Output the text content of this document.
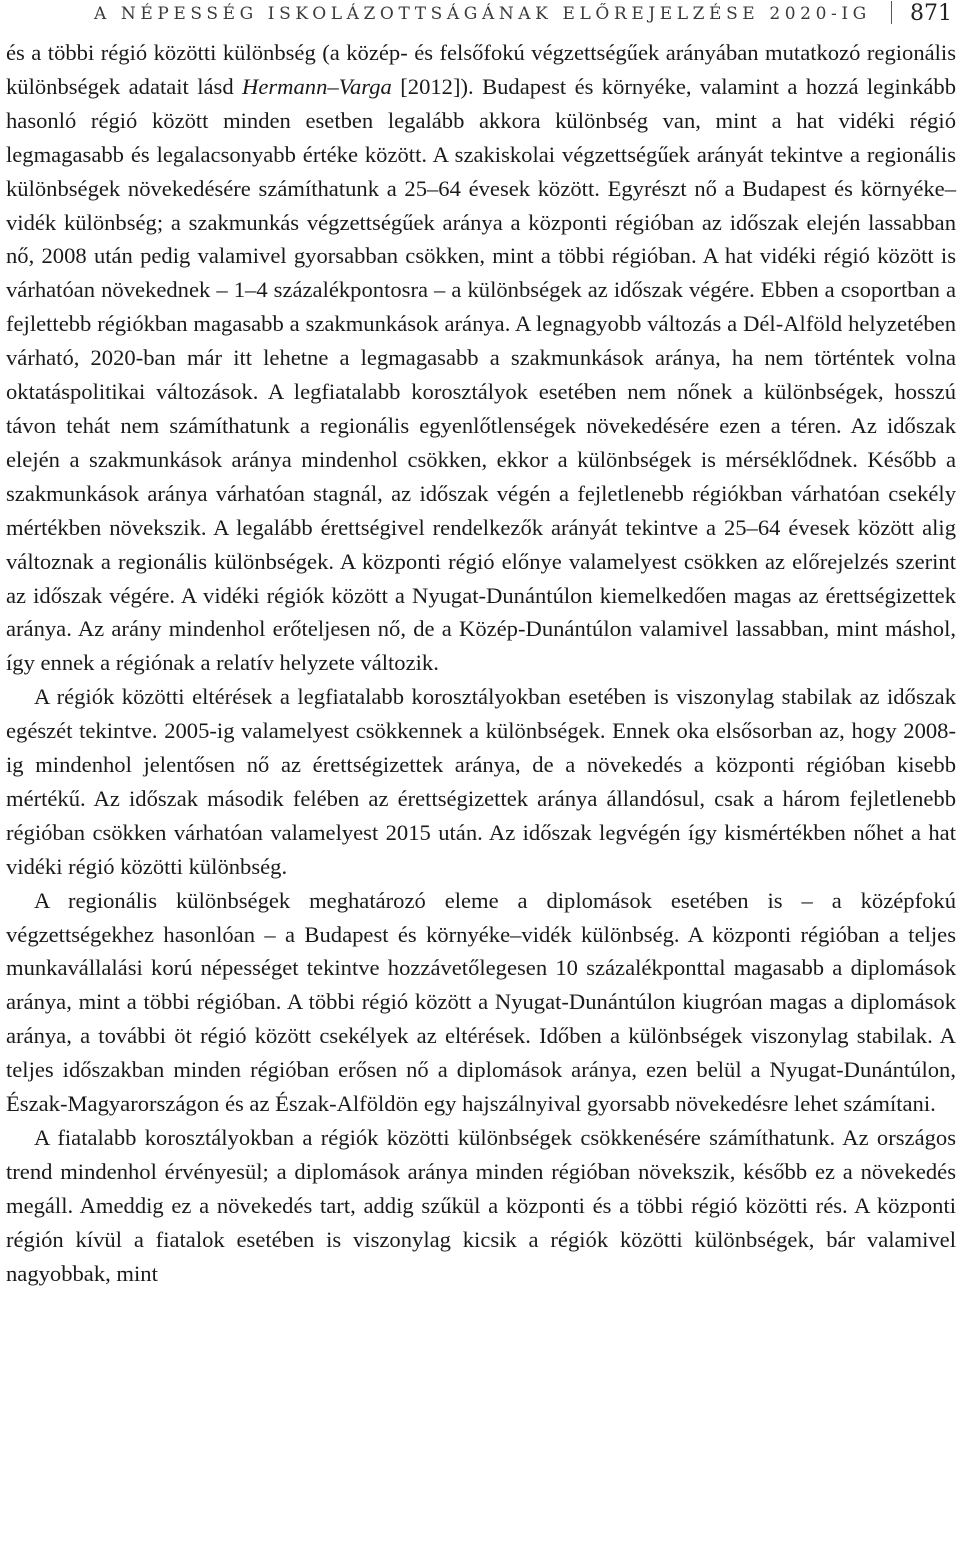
A NÉPESSÉG ISKOLÁZOTTSÁGÁNAK ELŐREJELZÉSE 2020-IG 871

és a többi régió közötti különbség (a közép- és felsőfokú végzettségűek arányában mutatkozó regionális különbségek adatait lásd Hermann–Varga [2012]). Budapest és környéke, valamint a hozzá leginkább hasonló régió között minden esetben legalább akkora különbség van, mint a hat vidéki régió legmagasabb és legalacsonyabb értéke között. A szakiskolai végzettségűek arányát tekintve a regionális különbségek növekedésére számíthatunk a 25–64 évesek között. Egyrészt nő a Budapest és környéke–vidék különbség; a szakmunkás végzettségűek aránya a központi régióban az időszak elején lassabban nő, 2008 után pedig valamivel gyorsabban csökken, mint a többi régióban. A hat vidéki régió között is várhatóan növekednek – 1–4 százalékpontosra – a különbségek az időszak végére. Ebben a csoportban a fejlettebb régiókban magasabb a szakmunkások aránya. A legnagyobb változás a Dél-Alföld helyzetében várható, 2020-ban már itt lehetne a legmagasabb a szakmunkások aránya, ha nem történtek volna oktatáspolitikai változások. A legfiatalabb korosztályok esetében nem nőnek a különbségek, hosszú távon tehát nem számíthatunk a regionális egyenlőtlenségek növekedésére ezen a téren. Az időszak elején a szakmunkások aránya mindenhol csökken, ekkor a különbségek is mérséklődnek. Később a szakmunkások aránya várhatóan stagnál, az időszak végén a fejletlenebb régiókban várhatóan csekély mértékben növekszik. A legalább érettségivel rendelkezők arányát tekintve a 25–64 évesek között alig változnak a regionális különbségek. A központi régió előnye valamelyest csökken az előrejelzés szerint az időszak végére. A vidéki régiók között a Nyugat-Dunántúlon kiemelkedően magas az érettségizettek aránya. Az arány mindenhol erőteljesen nő, de a Közép-Dunántúlon valamivel lassabban, mint máshol, így ennek a régiónak a relatív helyzete változik.

A régiók közötti eltérések a legfiatalabb korosztályokban esetében is viszonylag stabilak az időszak egészét tekintve. 2005-ig valamelyest csökkennek a különbségek. Ennek oka elsősorban az, hogy 2008-ig mindenhol jelentősen nő az érettségizettek aránya, de a növekedés a központi régióban kisebb mértékű. Az időszak második felében az érettségizettek aránya állandósul, csak a három fejletlenebb régióban csökken várhatóan valamelyest 2015 után. Az időszak legvégén így kismértékben nőhet a hat vidéki régió közötti különbség.

A regionális különbségek meghatározó eleme a diplomások esetében is – a középfokú végzettségekhez hasonlóan – a Budapest és környéke–vidék különbség. A központi régióban a teljes munkavállalási korú népességet tekintve hozzávetőlegesen 10 százalékponttal magasabb a diplomások aránya, mint a többi régióban. A többi régió között a Nyugat-Dunántúlon kiugróan magas a diplomások aránya, a további öt régió között csekélyek az eltérések. Időben a különbségek viszonylag stabilak. A teljes időszakban minden régióban erősen nő a diplomások aránya, ezen belül a Nyugat-Dunántúlon, Észak-Magyarországon és az Észak-Alföldön egy hajszálnyival gyorsabb növekedésre lehet számítani.

A fiatalabb korosztályokban a régiók közötti különbségek csökkenésére számíthatunk. Az országos trend mindenhol érvényesül; a diplomások aránya minden régióban növekszik, később ez a növekedés megáll. Ameddig ez a növekedés tart, addig szűkül a központi és a többi régió közötti rés. A központi régión kívül a fiatalok esetében is viszonylag kicsik a régiók közötti különbségek, bár valamivel nagyobbak, mint
